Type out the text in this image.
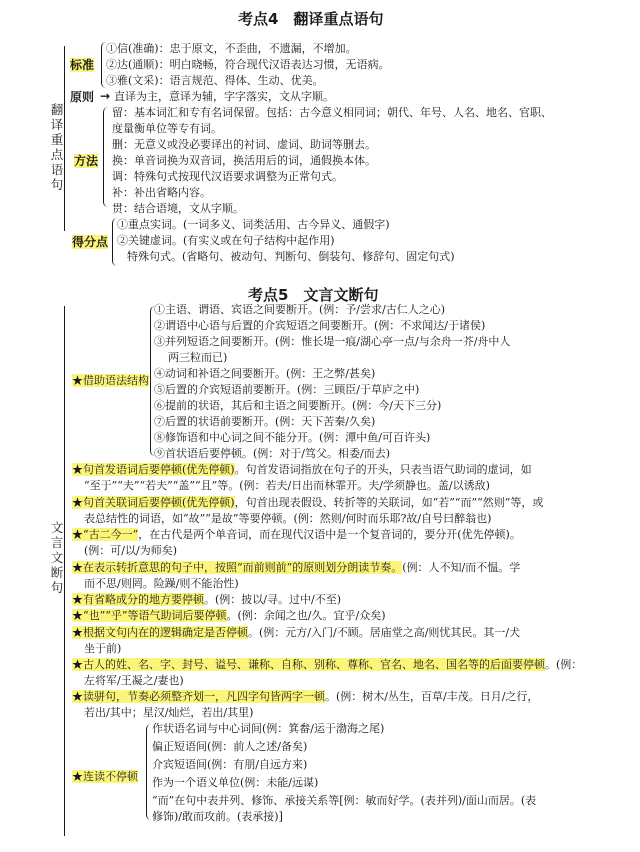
考点4　翻译重点语句
翻译重点语句
标准
①信(准确)：忠于原文，不歪曲，不遗漏，不增加。
②达(通顺)：明白晓畅，符合现代汉语表达习惯，无语病。
③雅(文采)：语言规范、得体、生动、优美。
原则 → 直译为主，意译为辅，字字落实，文从字顺。
方法
留：基本词汇和专有名词保留。包括：古今意义相同词；朝代、年号、人名、地名、官职、
度量衡单位等专有词。
删：无意义或没必要译出的衬词、虚词、助词等删去。
换：单音词换为双音词，换活用后的词，通假换本体。
调：特殊句式按现代汉语要求调整为正常句式。
补：补出省略内容。
贯：结合语境，文从字顺。
得分点
①重点实词。(一词多义、词类活用、古今异义、通假字)
②关键虚词。(有实义或在句子结构中起作用)
特殊句式。(省略句、被动句、判断句、倒装句、修辞句、固定句式)
考点5　文言文断句
文言文断句
★借助语法结构
①主语、谓语、宾语之间要断开。(例：予/尝求/古仁人之心)
②谓语中心语与后置的介宾短语之间要断开。(例：不求闻达/于诸侯)
③并列短语之间要断开。(例：惟长堤一痕/湖心亭一点/与余舟一芥/舟中人
两三粒而已)
④动词和补语之间要断开。(例：王之弊/甚矣)
⑤后置的介宾短语前要断开。(例：三顾臣/于草庐之中)
⑥提前的状语，其后和主语之间要断开。(例：今/天下三分)
⑦后置的状语前要断开。(例：天下苦秦/久矣)
⑧修饰语和中心词之间不能分开。(例：潭中鱼/可百许头)
⑨首状语后要停顿。(例：对于/笃父。相委/而去)
★句首发语词后要停顿(优先停顿)。句首发语词指放在句子的开头，只表当语气助词的虚词，如
“至于”“夫”“若夫”“盖”“且”等。(例：若夫/日出而林霏开。夫/学须静也。盖/以诱敌)
★句首关联词后要停顿(优先停顿)，句首出现表假设、转折等的关联词，如“若”“而”“然则”等，或
表总结性的词语，如“故”“是故”等要停顿。(例：然则/何时而乐耶?故/自号曰醉翁也)
★“古二今一”，在古代是两个单音词，而在现代汉语中是一个复音词的，要分开(优先停顿)。
(例：可/以/为师矣)
★在表示转折意思的句子中，按照“而前则前”的原则划分朗读节奏。(例：人不知/而不愠。学
而不思/则罔。险躁/则不能治性)
★有省略成分的地方要停顿。(例：披以/寻。过中/不至)
★“也”“乎”等语气助词后要停顿。(例：余闻之也/久。宜乎/众矣)
★根据文句内在的逻辑确定是否停顿。(例：元方/入门/不顾。居庙堂之高/则忧其民。其一/犬
坐于前)
★古人的姓、名、字、封号、谥号、谦称、自称、别称、尊称、官名、地名、国名等的后面要停顿。(例：
左将军/王凝之/妻也)
★读骈句，节奏必须整齐划一，凡四字句皆两字一顿。(例：树木/丛生，百草/丰茂。日月/之行，
若出/其中；星汉/灿烂，若出/其里)
★连读不停顿
作状语名词与中心词间(例：箕畚/运于渤海之尾)
偏正短语间(例：前人之述/备矣)
介宾短语间(例：有朋/自远方来)
作为一个语义单位(例：未能/远谋)
“而”在句中表并列、修饰、承接关系等[例：敏而好学。(表并列)/面山而居。(表
修饰)/敢而攻前。(表承接)]
